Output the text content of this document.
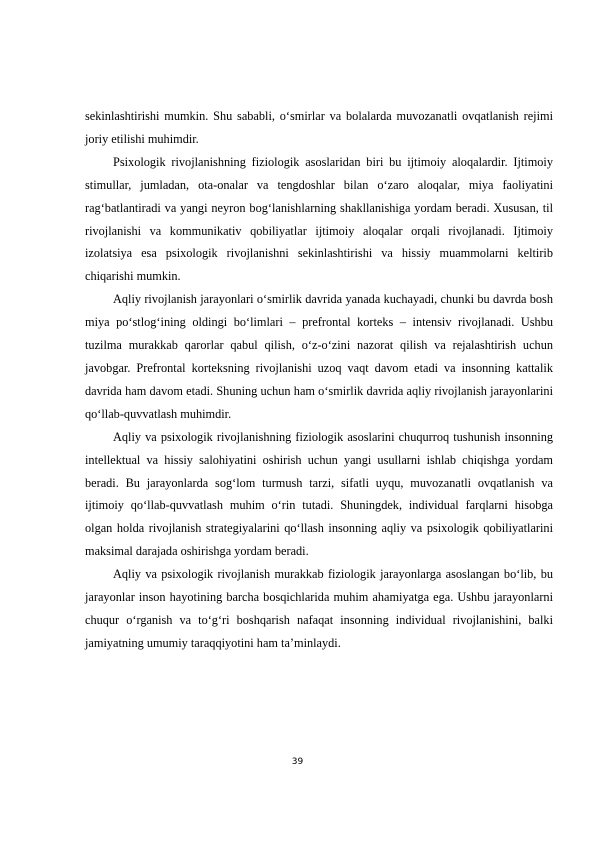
sekinlashtirishi mumkin. Shu sababli, o‘smirlar va bolalarda muvozanatli ovqatlanish rejimi joriy etilishi muhimdir.

Psixologik rivojlanishning fiziologik asoslaridan biri bu ijtimoiy aloqalardir. Ijtimoiy stimullar, jumladan, ota-onalar va tengdoshlar bilan o‘zaro aloqalar, miya faoliyatini rag‘batlantiradi va yangi neyron bog‘lanishlarning shakllanishiga yordam beradi. Xususan, til rivojlanishi va kommunikativ qobiliyatlar ijtimoiy aloqalar orqali rivojlanadi. Ijtimoiy izolatsiya esa psixologik rivojlanishni sekinlashtirishi va hissiy muammolarni keltirib chiqarishi mumkin.

Aqliy rivojlanish jarayonlari o‘smirlik davrida yanada kuchayadi, chunki bu davrda bosh miya po‘stlog‘ining oldingi bo‘limlari – prefrontal korteks – intensiv rivojlanadi. Ushbu tuzilma murakkab qarorlar qabul qilish, o‘z-o‘zini nazorat qilish va rejalashtirish uchun javobgar. Prefrontal korteksning rivojlanishi uzoq vaqt davom etadi va insonning kattalik davrida ham davom etadi. Shuning uchun ham o‘smirlik davrida aqliy rivojlanish jarayonlarini qo‘llab-quvvatlash muhimdir.

Aqliy va psixologik rivojlanishning fiziologik asoslarini chuqurroq tushunish insonning intellektual va hissiy salohiyatini oshirish uchun yangi usullarni ishlab chiqishga yordam beradi. Bu jarayonlarda sog‘lom turmush tarzi, sifatli uyqu, muvozanatli ovqatlanish va ijtimoiy qo‘llab-quvvatlash muhim o‘rin tutadi. Shuningdek, individual farqlarni hisobga olgan holda rivojlanish strategiyalarini qo‘llash insonning aqliy va psixologik qobiliyatlarini maksimal darajada oshirishga yordam beradi.

Aqliy va psixologik rivojlanish murakkab fiziologik jarayonlarga asoslangan bo‘lib, bu jarayonlar inson hayotining barcha bosqichlarida muhim ahamiyatga ega. Ushbu jarayonlarni chuqur o‘rganish va to‘g‘ri boshqarish nafaqat insonning individual rivojlanishini, balki jamiyatning umumiy taraqqiyotini ham ta’minlaydi.

39
